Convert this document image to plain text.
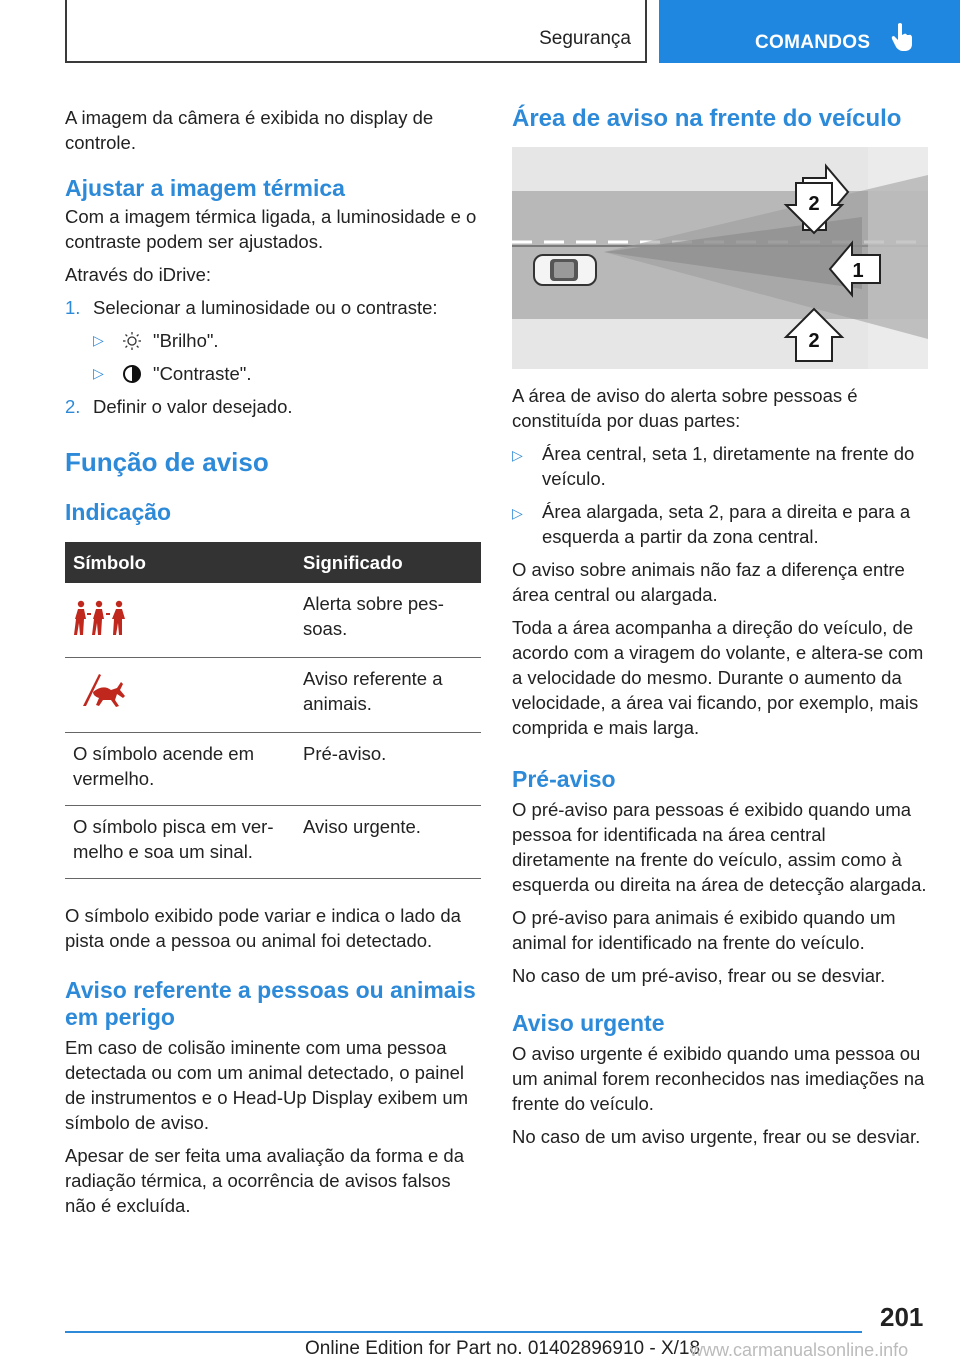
Segurança	COMANDOS

A imagem da câmera é exibida no display de controle.

Ajustar a imagem térmica

Com a imagem térmica ligada, a luminosidade e o contraste podem ser ajustados.

Através do iDrive:

1. Selecionar a luminosidade ou o contraste:
▷	"Brilho".
▷	"Contraste".
2. Definir o valor desejado.
Função de aviso
Indicação
Símbolo	Significado
	Alerta sobre pes-soas.
	Aviso referente a animais.
O símbolo acende em vermelho.	Pré-aviso.
O símbolo pisca em ver-melho e soa um sinal.	Aviso urgente.

O símbolo exibido pode variar e indica o lado da pista onde a pessoa ou animal foi detectado.

Aviso referente a pessoas ou animais em perigo

Em caso de colisão iminente com uma pessoa detectada ou com um animal detectado, o painel de instrumentos e o Head-Up Display exibem um símbolo de aviso.

Apesar de ser feita uma avaliação da forma e da radiação térmica, a ocorrência de avisos falsos não é excluída.

Área de aviso na frente do veículo
2
1
2

A área de aviso do alerta sobre pessoas é constituída por duas partes:

▷	Área central, seta 1, diretamente na frente do veículo.
▷	Área alargada, seta 2, para a direita e para a esquerda a partir da zona central.

O aviso sobre animais não faz a diferença entre área central ou alargada.

Toda a área acompanha a direção do veículo, de acordo com a viragem do volante, e altera-se com a velocidade do mesmo. Durante o aumento da velocidade, a área vai ficando, por exemplo, mais comprida e mais larga.

Pré-aviso

O pré-aviso para pessoas é exibido quando uma pessoa for identificada na área central diretamente na frente do veículo, assim como à esquerda ou direita na área de detecção alargada.

O pré-aviso para animais é exibido quando um animal for identificado na frente do veículo.

No caso de um pré-aviso, frear ou se desviar.

Aviso urgente

O aviso urgente é exibido quando uma pessoa ou um animal forem reconhecidos nas imediações na frente do veículo.

No caso de um aviso urgente, frear ou se desviar.

201
Online Edition for Part no. 01402896910 - X/18
www.carmanualsonline.info
